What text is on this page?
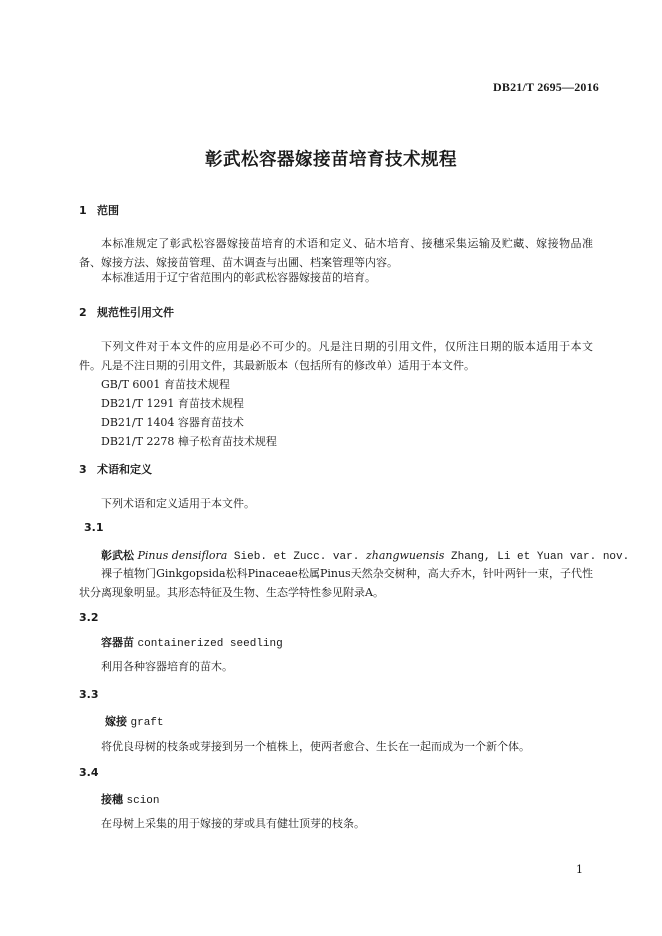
DB21/T 2695—2016
彰武松容器嫁接苗培育技术规程
1 范围
本标准规定了彰武松容器嫁接苗培育的术语和定义、砧木培育、接穗采集运输及贮藏、嫁接物品准备、嫁接方法、嫁接苗管理、苗木调查与出圃、档案管理等内容。
本标准适用于辽宁省范围内的彰武松容器嫁接苗的培育。
2 规范性引用文件
下列文件对于本文件的应用是必不可少的。凡是注日期的引用文件，仅所注日期的版本适用于本文件。凡是不注日期的引用文件，其最新版本（包括所有的修改单）适用于本文件。
GB/T 6001 育苗技术规程
DB21/T 1291 育苗技术规程
DB21/T 1404 容器育苗技术
DB21/T 2278 樟子松育苗技术规程
3 术语和定义
下列术语和定义适用于本文件。
3.1
彰武松 Pinus densiflora Sieb. et Zucc. var. zhangwuensis Zhang, Li et Yuan var. nov.
裸子植物门Ginkgopsida松科Pinaceae松属Pinus天然杂交树种，高大乔木，针叶两针一束，子代性状分离现象明显。其形态特征及生物、生态学特性参见附录A。
3.2
容器苗 containerized seedling
利用各种容器培育的苗木。
3.3
嫁接 graft
将优良母树的枝条或芽接到另一个植株上，使两者愈合、生长在一起而成为一个新个体。
3.4
接穗 scion
在母树上采集的用于嫁接的芽或具有健壮顶芽的枝条。
1
